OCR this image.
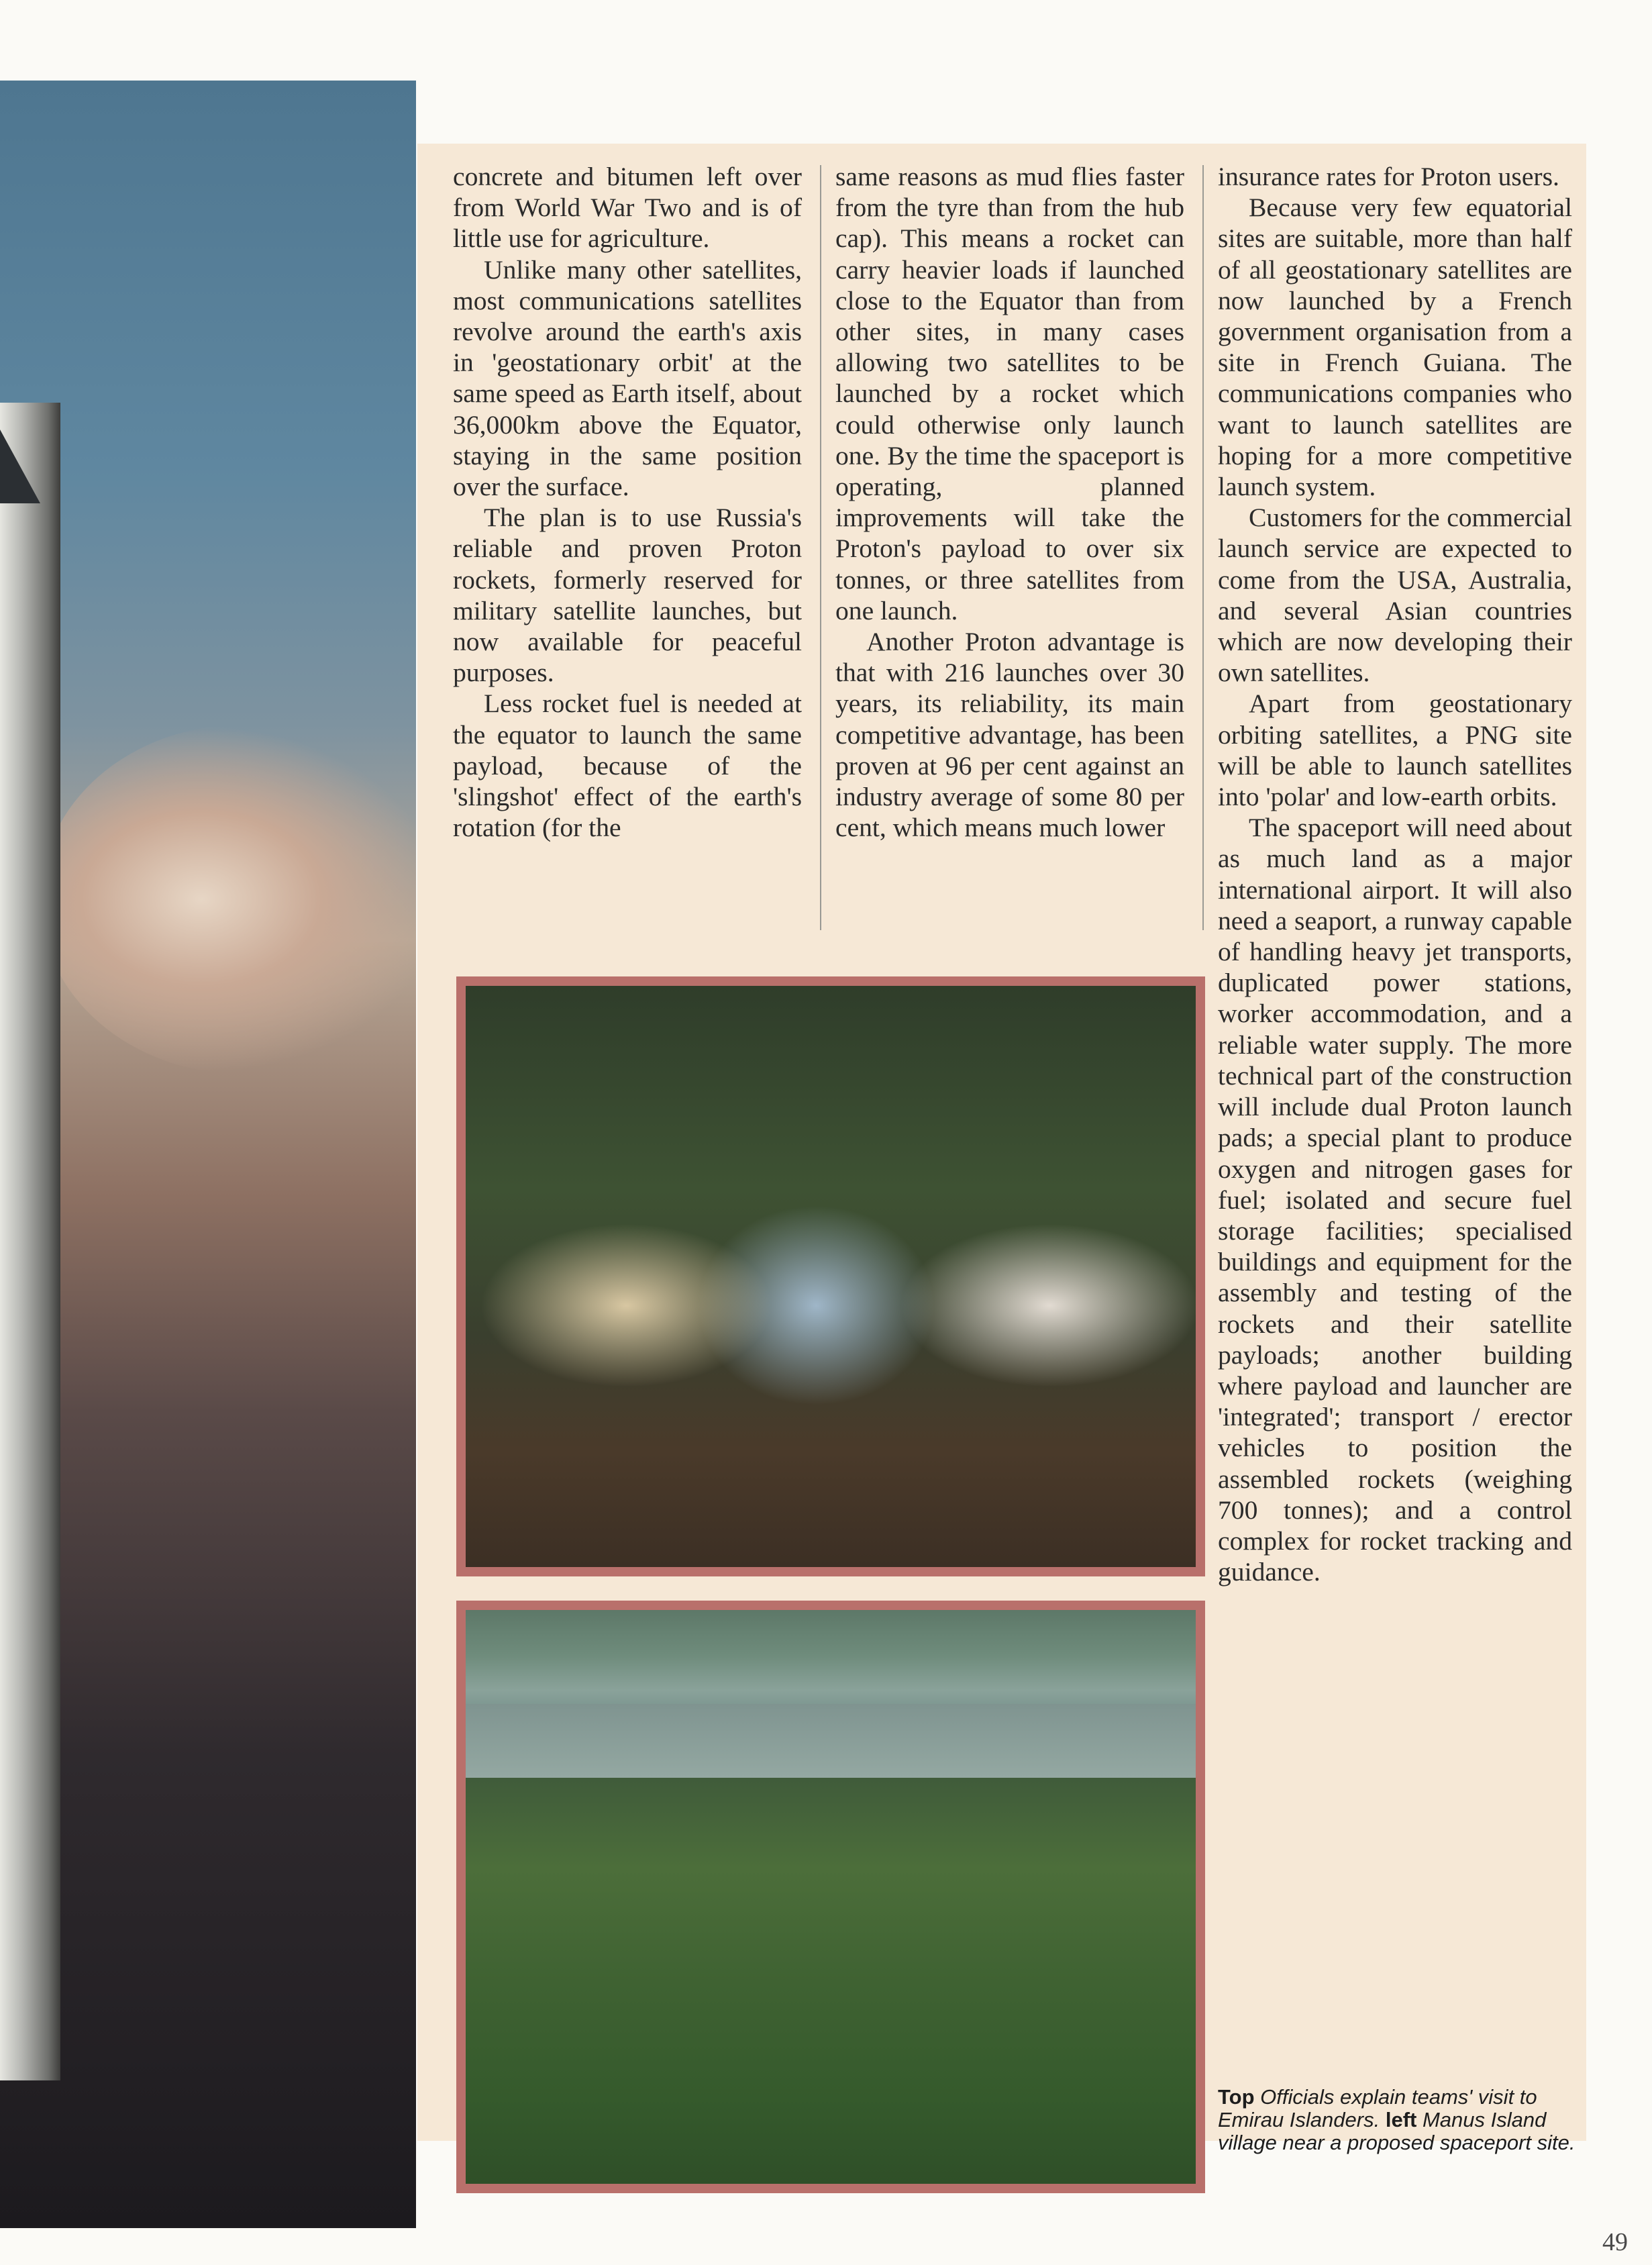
concrete and bitumen left over from World War Two and is of little use for agriculture.

Unlike many other satellites, most communications satellites revolve around the earth's axis in 'geostationary orbit' at the same speed as Earth itself, about 36,000km above the Equator, staying in the same position over the surface.

The plan is to use Russia's reliable and proven Proton rockets, formerly reserved for military satellite launches, but now available for peaceful purposes.

Less rocket fuel is needed at the equator to launch the same payload, because of the 'slingshot' effect of the earth's rotation (for the

same reasons as mud flies faster from the tyre than from the hub cap). This means a rocket can carry heavier loads if launched close to the Equator than from other sites, in many cases allowing two satellites to be launched by a rocket which could otherwise only launch one. By the time the spaceport is operating, planned improvements will take the Proton's payload to over six tonnes, or three satellites from one launch.

Another Proton advantage is that with 216 launches over 30 years, its reliability, its main competitive advantage, has been proven at 96 per cent against an industry average of some 80 per cent, which means much lower

insurance rates for Proton users.

Because very few equatorial sites are suitable, more than half of all geostationary satellites are now launched by a French government organisation from a site in French Guiana. The communications companies who want to launch satellites are hoping for a more competitive launch system.

Customers for the commercial launch service are expected to come from the USA, Australia, and several Asian countries which are now developing their own satellites.

Apart from geostationary orbiting satellites, a PNG site will be able to launch satellites into 'polar' and low-earth orbits.

The spaceport will need about as much land as a major international airport. It will also need a seaport, a runway capable of handling heavy jet transports, duplicated power stations, worker accommodation, and a reliable water supply. The more technical part of the construction will include dual Proton launch pads; a special plant to produce oxygen and nitrogen gases for fuel; isolated and secure fuel storage facilities; specialised buildings and equipment for the assembly and testing of the rockets and their satellite payloads; another building where payload and launcher are 'integrated'; transport / erector vehicles to position the assembled rockets (weighing 700 tonnes); and a control complex for rocket tracking and guidance.

Top Officials explain teams' visit to Emirau Islanders. left Manus Island village near a proposed spaceport site.
49
